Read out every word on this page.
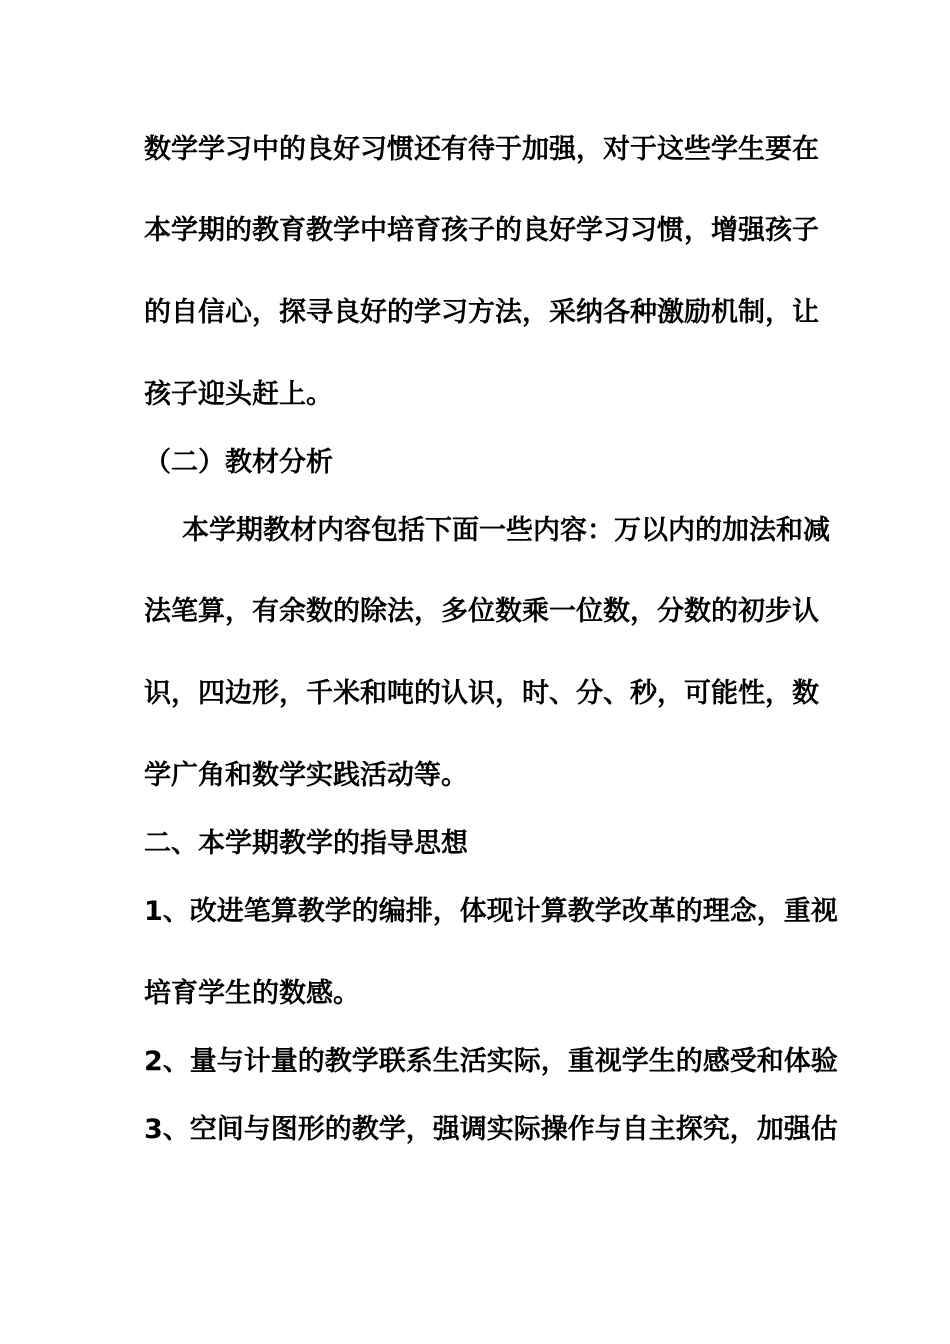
数学学习中的良好习惯还有待于加强，对于这些学生要在
本学期的教育教学中培育孩子的良好学习习惯，增强孩子
的自信心，探寻良好的学习方法，采纳各种激励机制，让
孩子迎头赶上。
（二）教材分析
本学期教材内容包括下面一些内容：万以内的加法和减
法笔算，有余数的除法，多位数乘一位数，分数的初步认
识，四边形，千米和吨的认识，时、分、秒，可能性，数
学广角和数学实践活动等。
二、本学期教学的指导思想
1、改进笔算教学的编排，体现计算教学改革的理念，重视
培育学生的数感。
2、量与计量的教学联系生活实际，重视学生的感受和体验
3、空间与图形的教学，强调实际操作与自主探究，加强估
